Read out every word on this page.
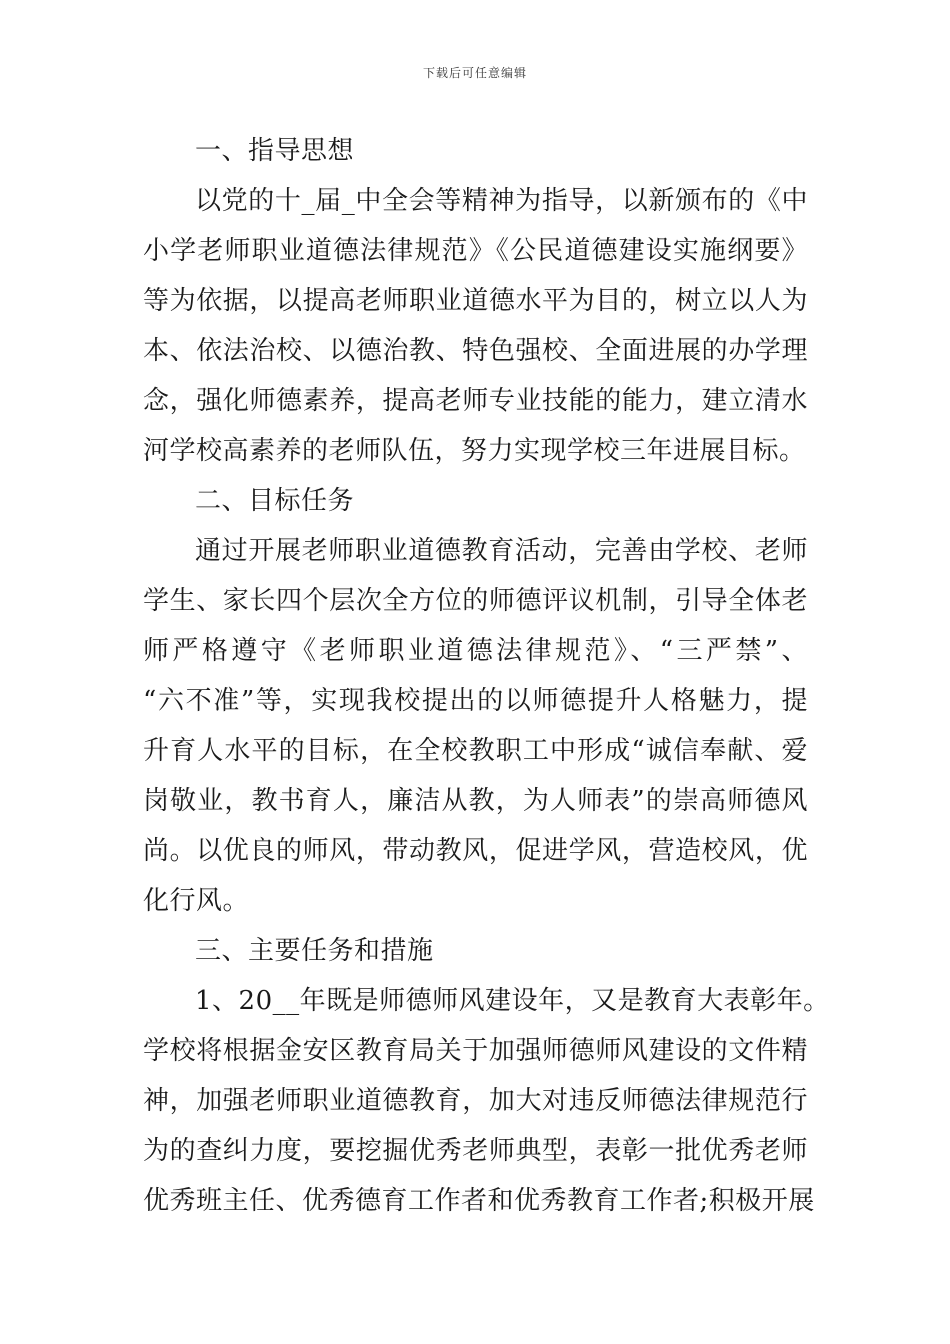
下载后可任意编辑
一、指导思想
以党的十_届_中全会等精神为指导，以新颁布的《中
小学老师职业道德法律规范》《公民道德建设实施纲要》
等为依据，以提高老师职业道德水平为目的，树立以人为
本、依法治校、以德治教、特色强校、全面进展的办学理
念，强化师德素养，提高老师专业技能的能力，建立清水
河学校高素养的老师队伍，努力实现学校三年进展目标。
二、目标任务
通过开展老师职业道德教育活动，完善由学校、老师
学生、家长四个层次全方位的师德评议机制，引导全体老
师严格遵守《老师职业道德法律规范》、“三严禁”、
“六不准”等，实现我校提出的以师德提升人格魅力，提
升育人水平的目标，在全校教职工中形成“诚信奉献、爱
岗敬业，教书育人，廉洁从教，为人师表”的崇高师德风
尚。以优良的师风，带动教风，促进学风，营造校风，优
化行风。
三、主要任务和措施
1、20__年既是师德师风建设年，又是教育大表彰年。
学校将根据金安区教育局关于加强师德师风建设的文件精
神，加强老师职业道德教育，加大对违反师德法律规范行
为的查纠力度，要挖掘优秀老师典型，表彰一批优秀老师
优秀班主任、优秀德育工作者和优秀教育工作者;积极开展
